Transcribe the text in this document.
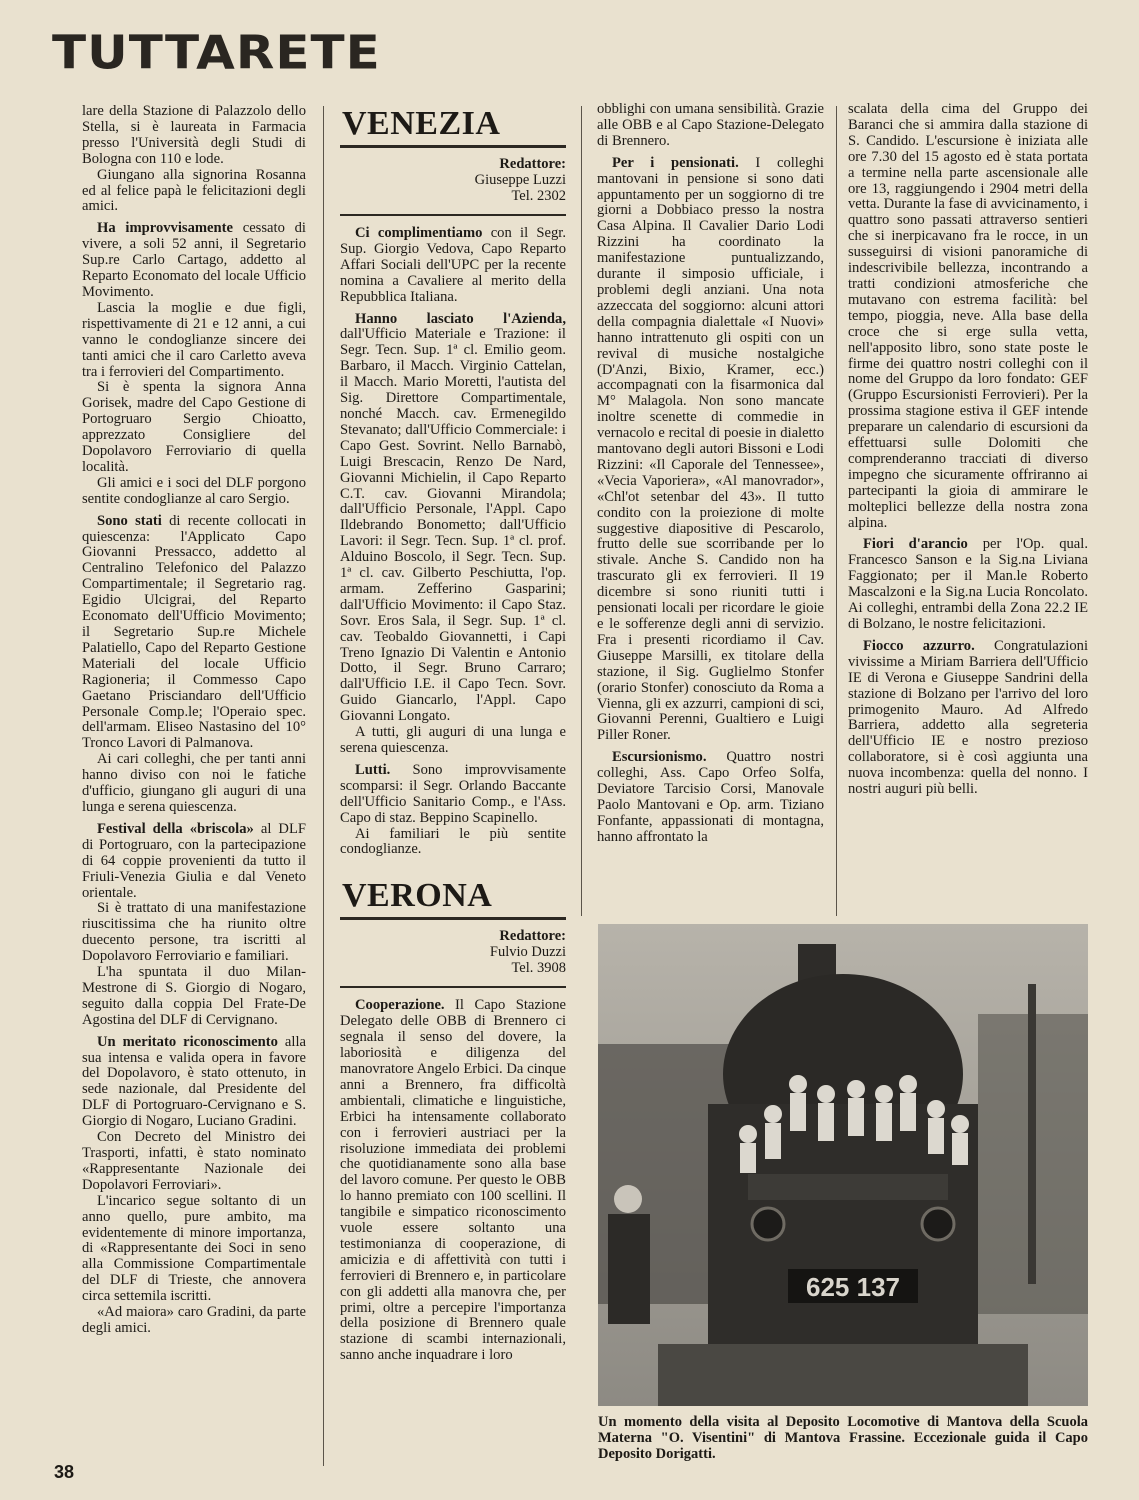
TUTTARETE

lare della Stazione di Palazzolo dello Stella, si è laureata in Farmacia presso l'Università degli Studi di Bologna con 110 e lode.

Giungano alla signorina Rosanna ed al felice papà le felicitazioni degli amici.

Ha improvvisamente cessato di vivere, a soli 52 anni, il Segretario Sup.re Carlo Cartago, addetto al Reparto Economato del locale Ufficio Movimento.

Lascia la moglie e due figli, rispettivamente di 21 e 12 anni, a cui vanno le condoglianze sincere dei tanti amici che il caro Carletto aveva tra i ferrovieri del Compartimento.

Si è spenta la signora Anna Gorisek, madre del Capo Gestione di Portogruaro Sergio Chioatto, apprezzato Consigliere del Dopolavoro Ferroviario di quella località.

Gli amici e i soci del DLF porgono sentite condoglianze al caro Sergio.

Sono stati di recente collocati in quiescenza: l'Applicato Capo Giovanni Pressacco, addetto al Centralino Telefonico del Palazzo Compartimentale; il Segretario rag. Egidio Ulcigrai, del Reparto Economato dell'Ufficio Movimento; il Segretario Sup.re Michele Palatiello, Capo del Reparto Gestione Materiali del locale Ufficio Ragioneria; il Commesso Capo Gaetano Prisciandaro dell'Ufficio Personale Comp.le; l'Operaio spec. dell'armam. Eliseo Nastasino del 10° Tronco Lavori di Palmanova.

Ai cari colleghi, che per tanti anni hanno diviso con noi le fatiche d'ufficio, giungano gli auguri di una lunga e serena quiescenza.

Festival della «briscola» al DLF di Portogruaro, con la partecipazione di 64 coppie provenienti da tutto il Friuli-Venezia Giulia e dal Veneto orientale.

Si è trattato di una manifestazione riuscitissima che ha riunito oltre duecento persone, tra iscritti al Dopolavoro Ferroviario e familiari.

L'ha spuntata il duo Milan-Mestrone di S. Giorgio di Nogaro, seguito dalla coppia Del Frate-De Agostina del DLF di Cervignano.

Un meritato riconoscimento alla sua intensa e valida opera in favore del Dopolavoro, è stato ottenuto, in sede nazionale, dal Presidente del DLF di Portogruaro-Cervignano e S. Giorgio di Nogaro, Luciano Gradini.

Con Decreto del Ministro dei Trasporti, infatti, è stato nominato «Rappresentante Nazionale dei Dopolavori Ferroviari».

L'incarico segue soltanto di un anno quello, pure ambito, ma evidentemente di minore importanza, di «Rappresentante dei Soci in seno alla Commissione Compartimentale del DLF di Trieste, che annovera circa settemila iscritti.

«Ad maiora» caro Gradini, da parte degli amici.

VENEZIA
Redattore:
Giuseppe Luzzi
Tel. 2302

Ci complimentiamo con il Segr. Sup. Giorgio Vedova, Capo Reparto Affari Sociali dell'UPC per la recente nomina a Cavaliere al merito della Repubblica Italiana.

Hanno lasciato l'Azienda, dall'Ufficio Materiale e Trazione: il Segr. Tecn. Sup. 1ª cl. Emilio geom. Barbaro, il Macch. Virginio Cattelan, il Macch. Mario Moretti, l'autista del Sig. Direttore Compartimentale, nonché Macch. cav. Ermenegildo Stevanato; dall'Ufficio Commerciale: i Capo Gest. Sovrint. Nello Barnabò, Luigi Brescacin, Renzo De Nard, Giovanni Michielin, il Capo Reparto C.T. cav. Giovanni Mirandola; dall'Ufficio Personale, l'Appl. Capo Ildebrando Bonometto; dall'Ufficio Lavori: il Segr. Tecn. Sup. 1ª cl. prof. Alduino Boscolo, il Segr. Tecn. Sup. 1ª cl. cav. Gilberto Peschiutta, l'op. armam. Zefferino Gasparini; dall'Ufficio Movimento: il Capo Staz. Sovr. Eros Sala, il Segr. Sup. 1ª cl. cav. Teobaldo Giovannetti, i Capi Treno Ignazio Di Valentin e Antonio Dotto, il Segr. Bruno Carraro; dall'Ufficio I.E. il Capo Tecn. Sovr. Guido Giancarlo, l'Appl. Capo Giovanni Longato.

A tutti, gli auguri di una lunga e serena quiescenza.

Lutti. Sono improvvisamente scomparsi: il Segr. Orlando Baccante dell'Ufficio Sanitario Comp., e l'Ass. Capo di staz. Beppino Scapinello.

Ai familiari le più sentite condoglianze.

VERONA
Redattore:
Fulvio Duzzi
Tel. 3908

Cooperazione. Il Capo Stazione Delegato delle OBB di Brennero ci segnala il senso del dovere, la laboriosità e diligenza del manovratore Angelo Erbici. Da cinque anni a Brennero, fra difficoltà ambientali, climatiche e linguistiche, Erbici ha intensamente collaborato con i ferrovieri austriaci per la risoluzione immediata dei problemi che quotidianamente sono alla base del lavoro comune. Per questo le OBB lo hanno premiato con 100 scellini. Il tangibile e simpatico riconoscimento vuole essere soltanto una testimonianza di cooperazione, di amicizia e di affettività con tutti i ferrovieri di Brennero e, in particolare con gli addetti alla manovra che, per primi, oltre a percepire l'importanza della posizione di Brennero quale stazione di scambi internazionali, sanno anche inquadrare i loro

obblighi con umana sensibilità. Grazie alle OBB e al Capo Stazione-Delegato di Brennero.

Per i pensionati. I colleghi mantovani in pensione si sono dati appuntamento per un soggiorno di tre giorni a Dobbiaco presso la nostra Casa Alpina. Il Cavalier Dario Lodi Rizzini ha coordinato la manifestazione puntualizzando, durante il simposio ufficiale, i problemi degli anziani. Una nota azzeccata del soggiorno: alcuni attori della compagnia dialettale «I Nuovi» hanno intrattenuto gli ospiti con un revival di musiche nostalgiche (D'Anzi, Bixio, Kramer, ecc.) accompagnati con la fisarmonica dal M° Malagola. Non sono mancate inoltre scenette di commedie in vernacolo e recital di poesie in dialetto mantovano degli autori Bissoni e Lodi Rizzini: «Il Caporale del Tennessee», «Vecia Vaporiera», «Al manovrador», «Chl'ot setenbar del 43». Il tutto condito con la proiezione di molte suggestive diapositive di Pescarolo, frutto delle sue scorribande per lo stivale. Anche S. Candido non ha trascurato gli ex ferrovieri. Il 19 dicembre si sono riuniti tutti i pensionati locali per ricordare le gioie e le sofferenze degli anni di servizio. Fra i presenti ricordiamo il Cav. Giuseppe Marsilli, ex titolare della stazione, il Sig. Guglielmo Stonfer (orario Stonfer) conosciuto da Roma a Vienna, gli ex azzurri, campioni di sci, Giovanni Perenni, Gualtiero e Luigi Piller Roner.

Escursionismo. Quattro nostri colleghi, Ass. Capo Orfeo Solfa, Deviatore Tarcisio Corsi, Manovale Paolo Mantovani e Op. arm. Tiziano Fonfante, appassionati di montagna, hanno affrontato la

scalata della cima del Gruppo dei Baranci che si ammira dalla stazione di S. Candido. L'escursione è iniziata alle ore 7.30 del 15 agosto ed è stata portata a termine nella parte ascensionale alle ore 13, raggiungendo i 2904 metri della vetta. Durante la fase di avvicinamento, i quattro sono passati attraverso sentieri che si inerpicavano fra le rocce, in un susseguirsi di visioni panoramiche di indescrivibile bellezza, incontrando a tratti condizioni atmosferiche che mutavano con estrema facilità: bel tempo, pioggia, neve. Alla base della croce che si erge sulla vetta, nell'apposito libro, sono state poste le firme dei quattro nostri colleghi con il nome del Gruppo da loro fondato: GEF (Gruppo Escursionisti Ferrovieri). Per la prossima stagione estiva il GEF intende preparare un calendario di escursioni da effettuarsi sulle Dolomiti che comprenderanno tracciati di diverso impegno che sicuramente offriranno ai partecipanti la gioia di ammirare le molteplici bellezze della nostra zona alpina.

Fiori d'arancio per l'Op. qual. Francesco Sanson e la Sig.na Liviana Faggionato; per il Man.le Roberto Mascalzoni e la Sig.na Lucia Roncolato. Ai colleghi, entrambi della Zona 22.2 IE di Bolzano, le nostre felicitazioni.

Fiocco azzurro. Congratulazioni vivissime a Miriam Barriera dell'Ufficio IE di Verona e Giuseppe Sandrini della stazione di Bolzano per l'arrivo del loro primogenito Mauro. Ad Alfredo Barriera, addetto alla segreteria dell'Ufficio IE e nostro prezioso collaboratore, si è così aggiunta una nuova incombenza: quella del nonno. I nostri auguri più belli.

625 137
Un momento della visita al Deposito Locomotive di Mantova della Scuola Materna "O. Visentini" di Mantova Frassine. Eccezionale guida il Capo Deposito Dorigatti.
38
